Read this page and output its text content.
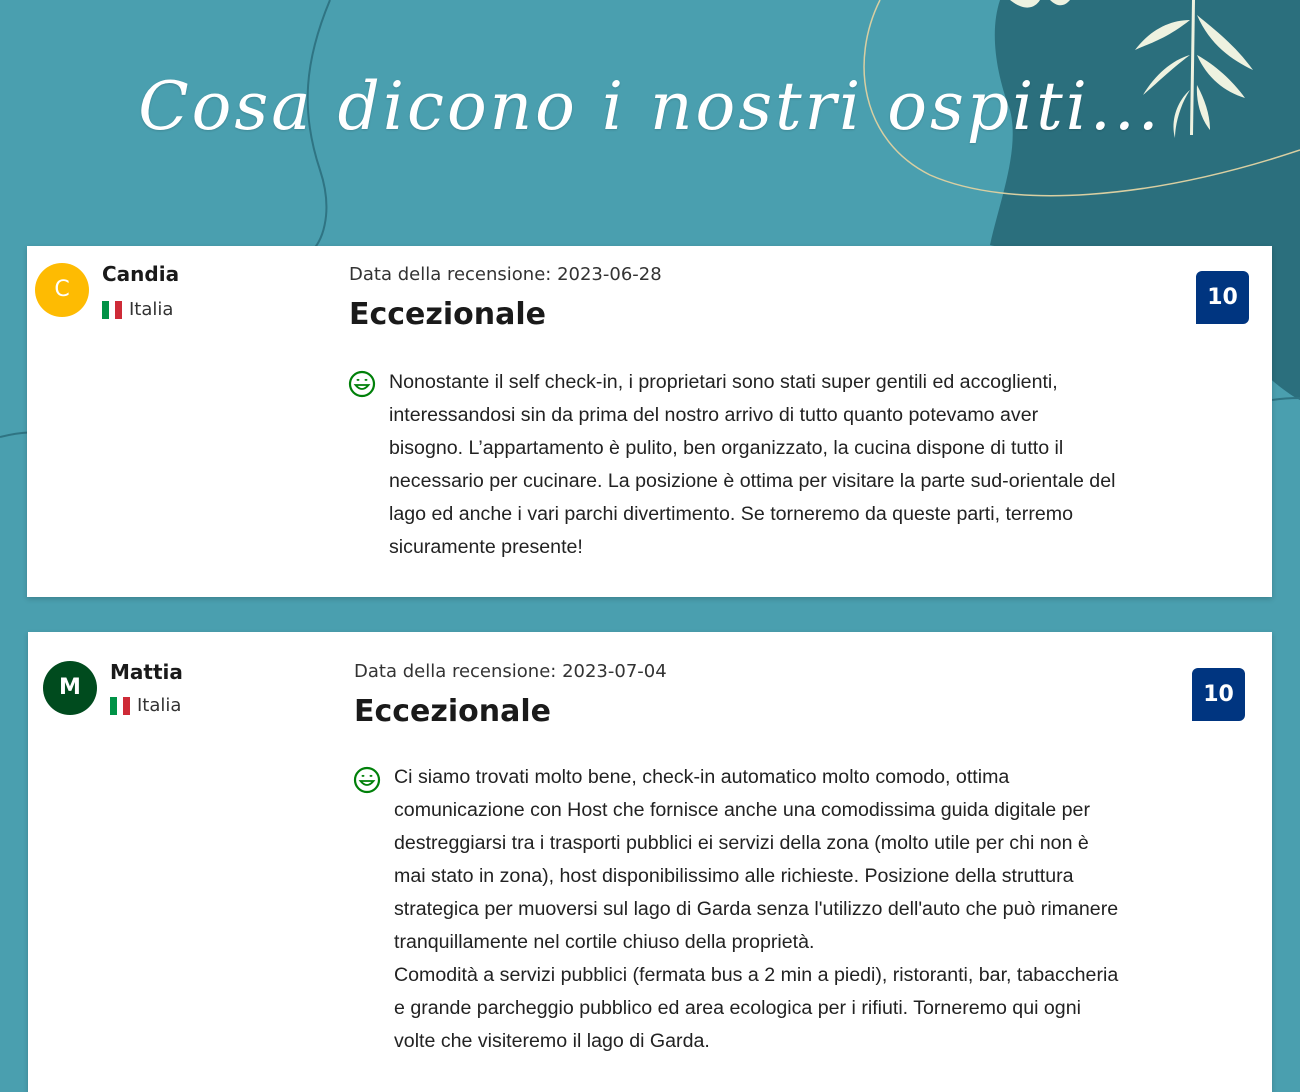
Cosa dicono i nostri ospiti...
C
Candia
Italia
Data della recensione: 2023-06-28
Eccezionale	10

Nonostante il self check-in, i proprietari sono stati super gentili ed accoglienti,
interessandosi sin da prima del nostro arrivo di tutto quanto potevamo aver
bisogno. L’appartamento è pulito, ben organizzato, la cucina dispone di tutto il
necessario per cucinare. La posizione è ottima per visitare la parte sud-orientale del
lago ed anche i vari parchi divertimento. Se torneremo da queste parti, terremo
sicuramente presente!

M
Mattia
Italia
Data della recensione: 2023-07-04
Eccezionale	10

Ci siamo trovati molto bene, check-in automatico molto comodo, ottima
comunicazione con Host che fornisce anche una comodissima guida digitale per
destreggiarsi tra i trasporti pubblici ei servizi della zona (molto utile per chi non è
mai stato in zona), host disponibilissimo alle richieste. Posizione della struttura
strategica per muoversi sul lago di Garda senza l'utilizzo dell'auto che può rimanere
tranquillamente nel cortile chiuso della proprietà.
Comodità a servizi pubblici (fermata bus a 2 min a piedi), ristoranti, bar, tabaccheria
e grande parcheggio pubblico ed area ecologica per i rifiuti. Torneremo qui ogni
volte che visiteremo il lago di Garda.
